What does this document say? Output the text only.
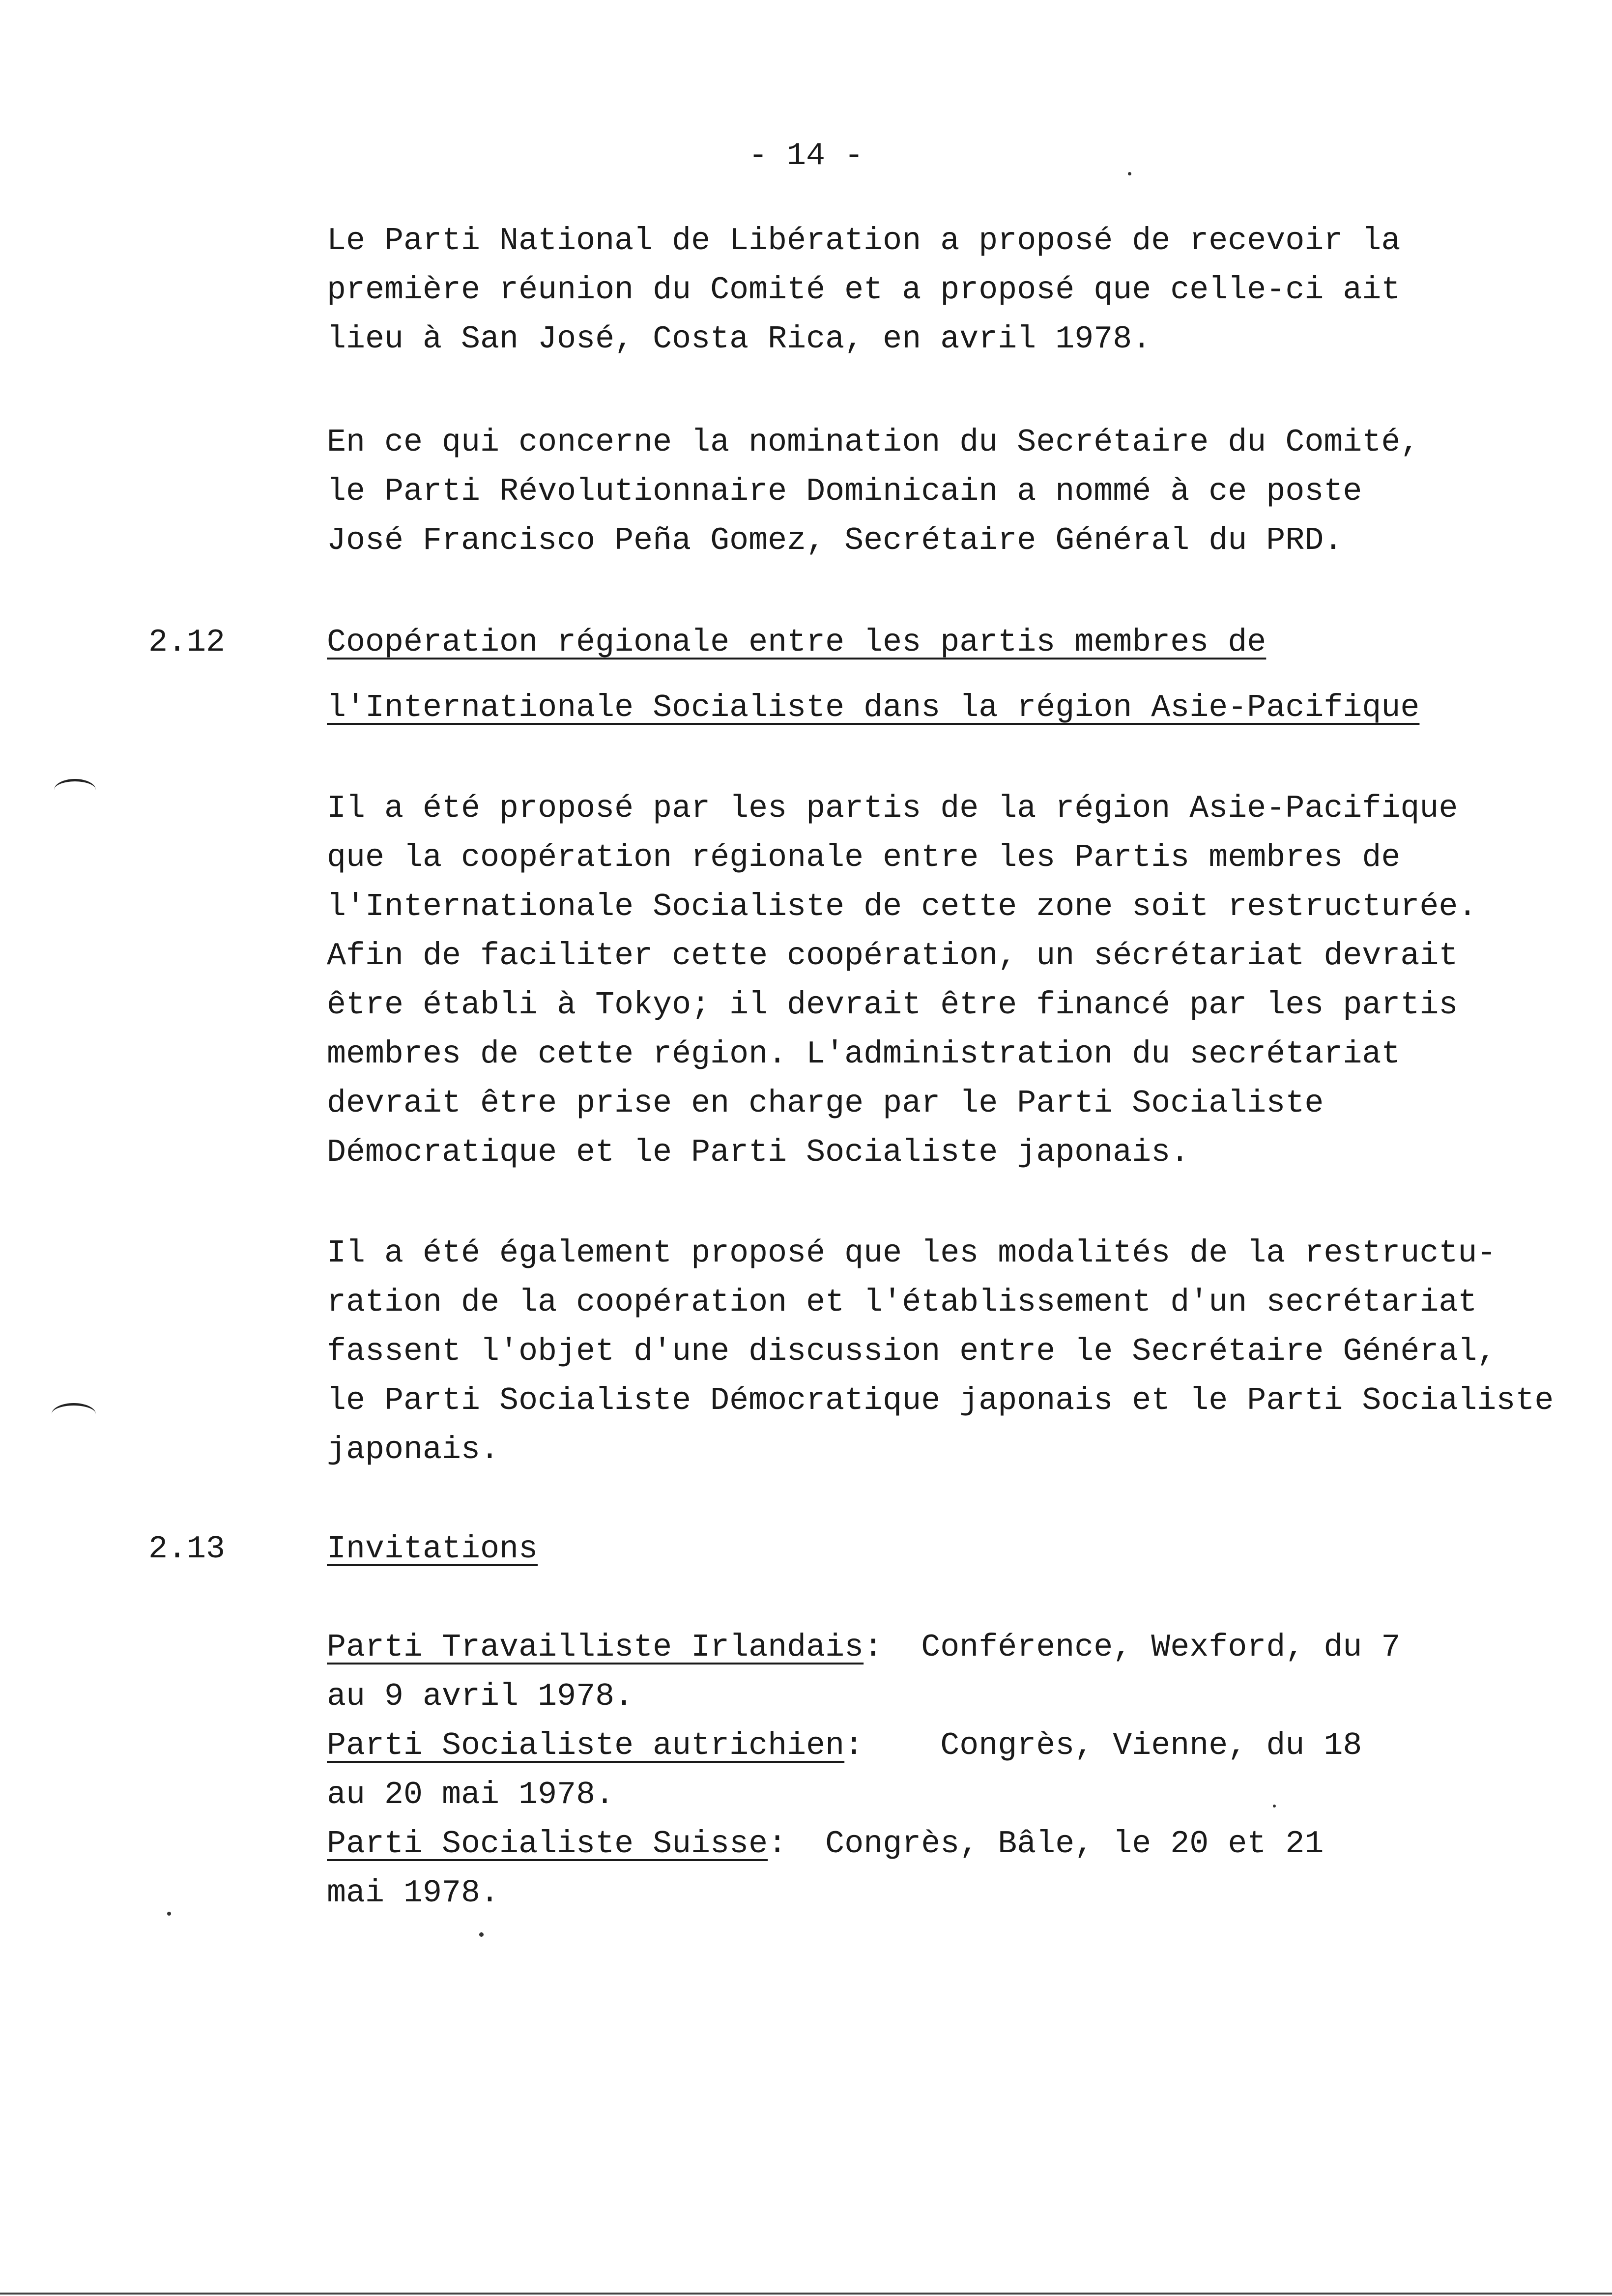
- 14 -
Le Parti National de Libération a proposé de recevoir la
première réunion du Comité et a proposé que celle-ci ait
lieu à San José, Costa Rica, en avril 1978.
En ce qui concerne la nomination du Secrétaire du Comité,
le Parti Révolutionnaire Dominicain a nommé à ce poste
José Francisco Peña Gomez, Secrétaire Général du PRD.
2.12	Coopération régionale entre les partis membres de
l'Internationale Socialiste dans la région Asie-Pacifique
Il a été proposé par les partis de la région Asie-Pacifique
que la coopération régionale entre les Partis membres de
l'Internationale Socialiste de cette zone soit restructurée.
Afin de faciliter cette coopération, un sécrétariat devrait
être établi à Tokyo; il devrait être financé par les partis
membres de cette région. L'administration du secrétariat
devrait être prise en charge par le Parti Socialiste
Démocratique et le Parti Socialiste japonais.
Il a été également proposé que les modalités de la restructu-
ration de la coopération et l'établissement d'un secrétariat
fassent l'objet d'une discussion entre le Secrétaire Général,
le Parti Socialiste Démocratique japonais et le Parti Socialiste
japonais.
2.13	Invitations
Parti Travailliste Irlandais:  Conférence, Wexford, du 7
au 9 avril 1978.
Parti Socialiste autrichien:    Congrès, Vienne, du 18
au 20 mai 1978.
Parti Socialiste Suisse:  Congrès, Bâle, le 20 et 21
mai 1978.
